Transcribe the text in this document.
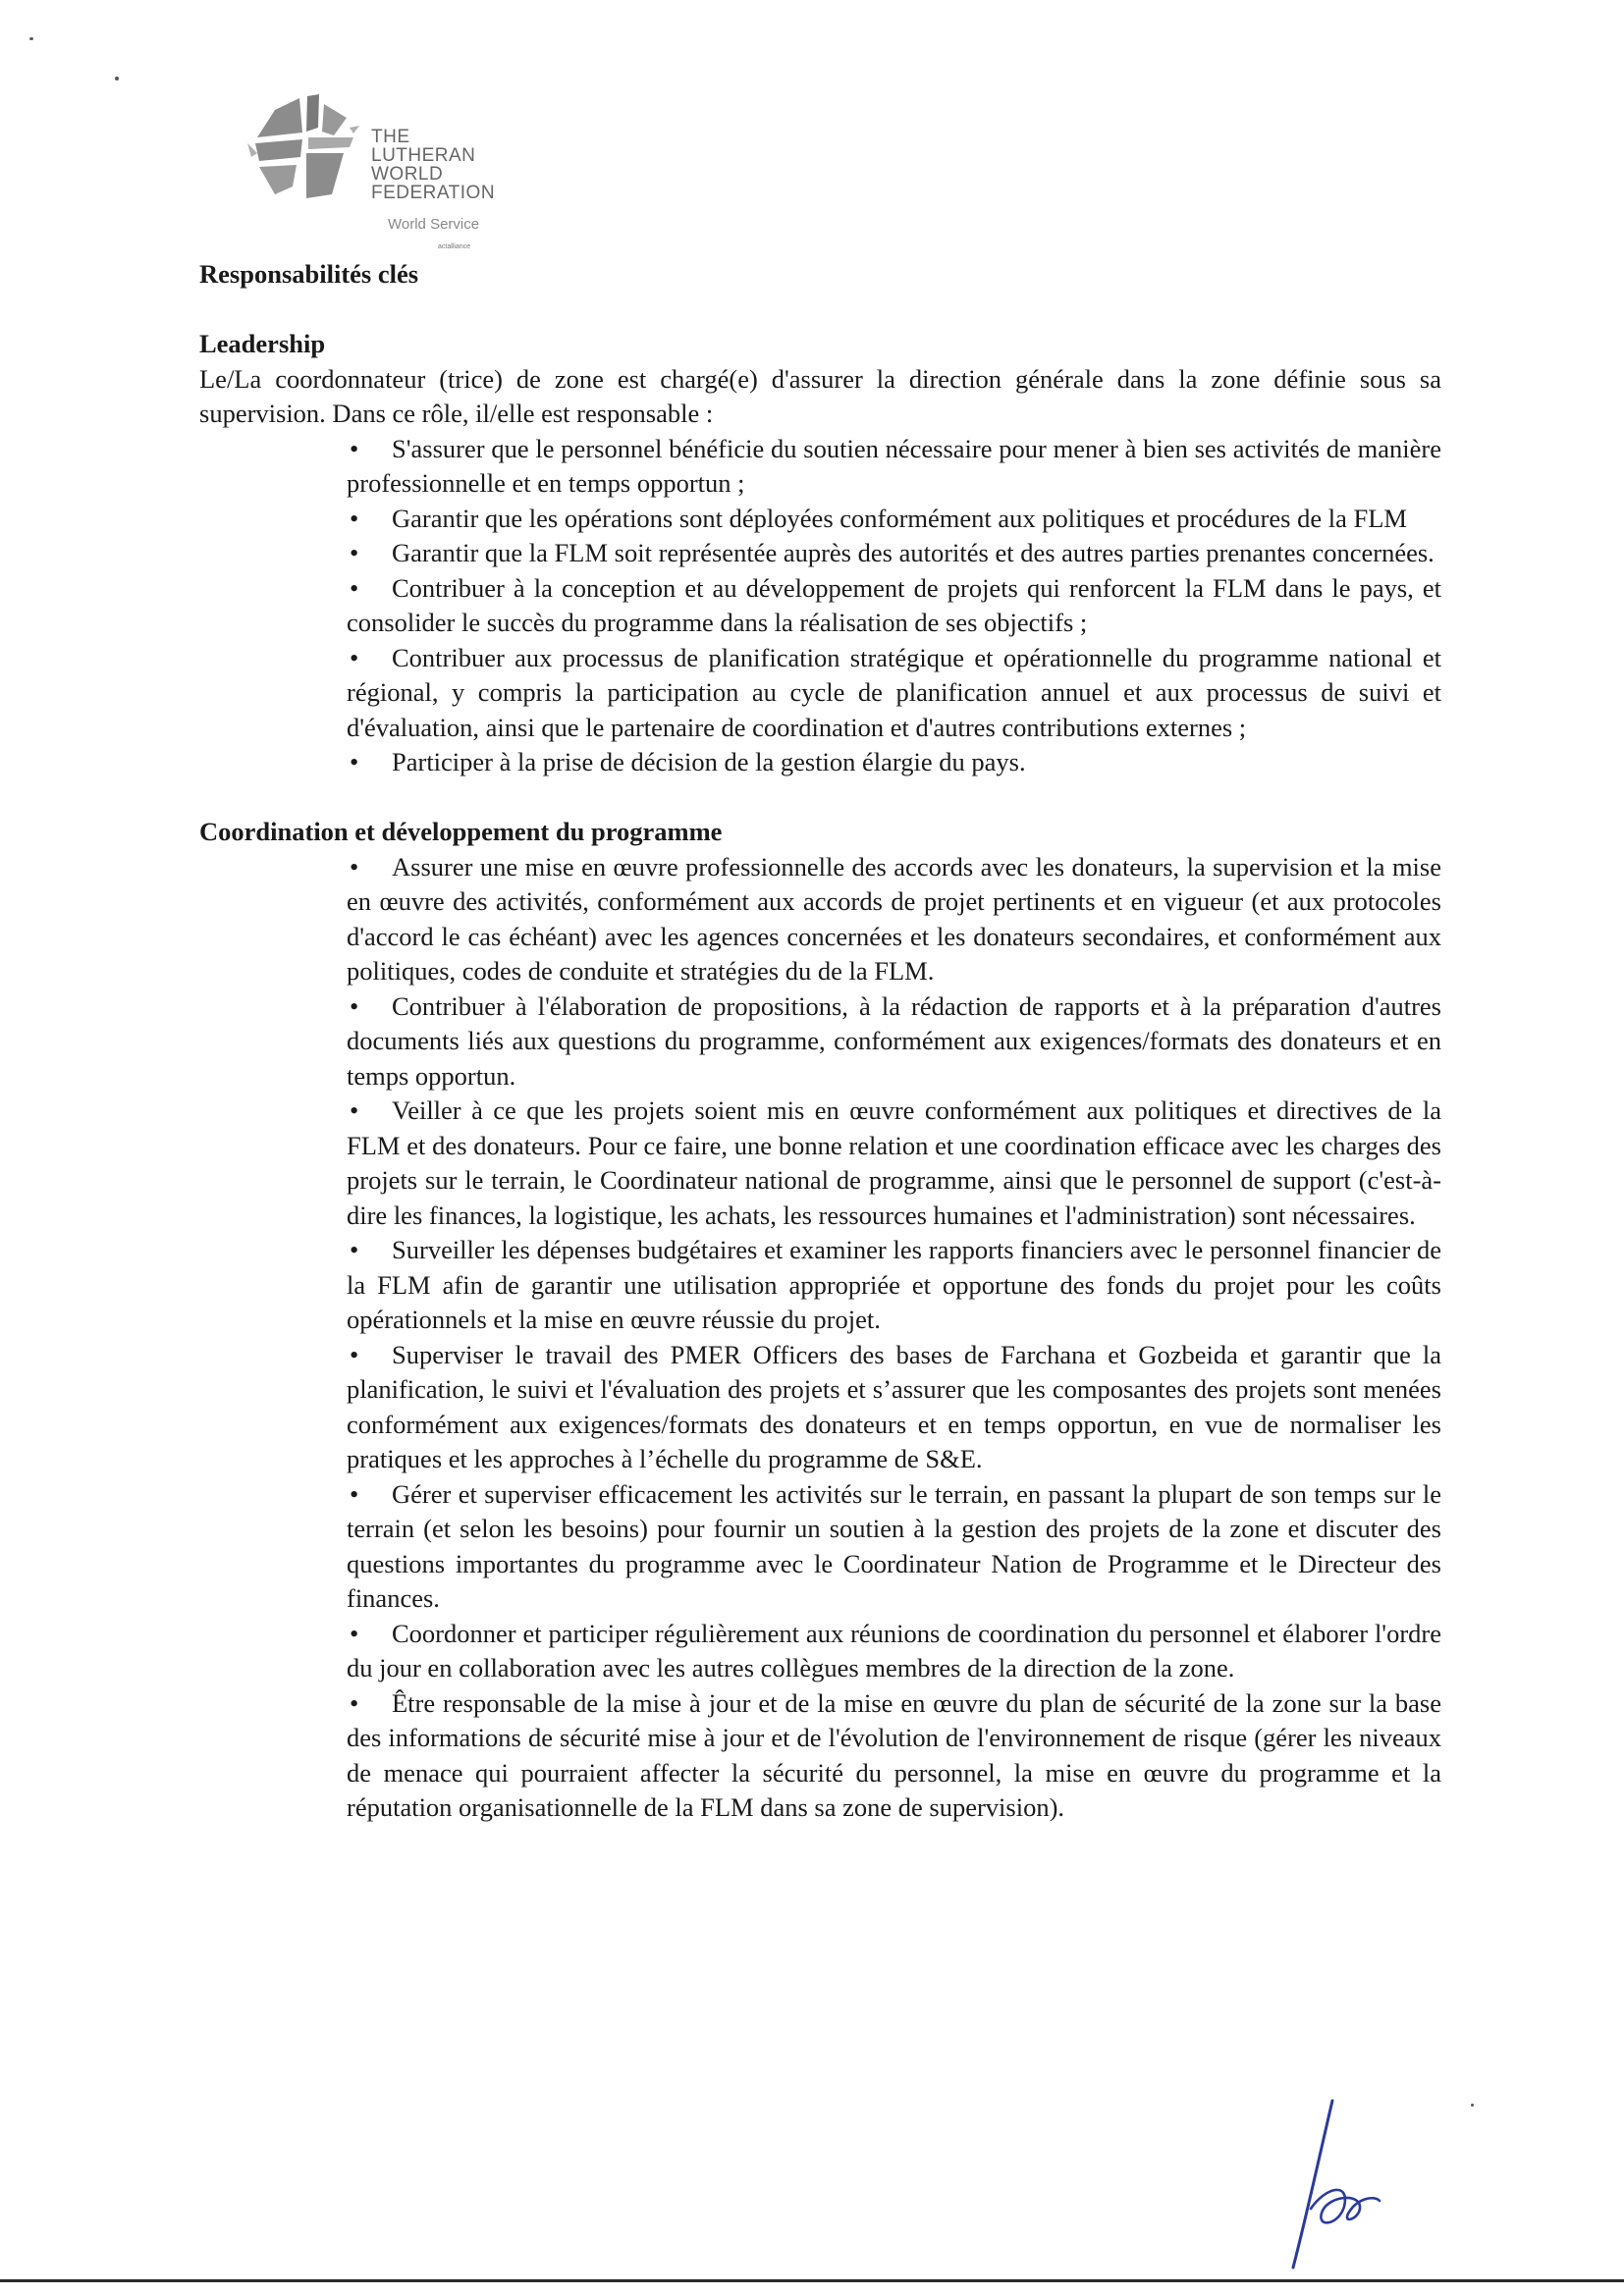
THE
LUTHERAN
WORLD
FEDERATION
World Service
actalliance
Responsabilités clés
Leadership

Le/La coordonnateur (trice) de zone est chargé(e) d'assurer la direction générale dans la zone définie sous sa supervision. Dans ce rôle, il/elle est responsable :

•S'assurer que le personnel bénéficie du soutien nécessaire pour mener à bien ses activités de manière professionnelle et en temps opportun ;
•Garantir que les opérations sont déployées conformément aux politiques et procédures de la FLM
•Garantir que la FLM soit représentée auprès des autorités et des autres parties prenantes concernées.
•Contribuer à la conception et au développement de projets qui renforcent la FLM dans le pays, et consolider le succès du programme dans la réalisation de ses objectifs ;
•Contribuer aux processus de planification stratégique et opérationnelle du programme national et régional, y compris la participation au cycle de planification annuel et aux processus de suivi et d'évaluation, ainsi que le partenaire de coordination et d'autres contributions externes ;
•Participer à la prise de décision de la gestion élargie du pays.
Coordination et développement du programme
•Assurer une mise en œuvre professionnelle des accords avec les donateurs, la supervision et la mise en œuvre des activités, conformément aux accords de projet pertinents et en vigueur (et aux protocoles d'accord le cas échéant) avec les agences concernées et les donateurs secondaires, et conformément aux politiques, codes de conduite et stratégies du de la FLM.
•Contribuer à l'élaboration de propositions, à la rédaction de rapports et à la préparation d'autres documents liés aux questions du programme, conformément aux exigences/formats des donateurs et en temps opportun.
•Veiller à ce que les projets soient mis en œuvre conformément aux politiques et directives de la FLM et des donateurs. Pour ce faire, une bonne relation et une coordination efficace avec les charges des projets sur le terrain, le Coordinateur national de programme, ainsi que le personnel de support (c'est-à-dire les finances, la logistique, les achats, les ressources humaines et l'administration) sont nécessaires.
•Surveiller les dépenses budgétaires et examiner les rapports financiers avec le personnel financier de la FLM afin de garantir une utilisation appropriée et opportune des fonds du projet pour les coûts opérationnels et la mise en œuvre réussie du projet.
•Superviser le travail des PMER Officers des bases de Farchana et Gozbeida et garantir que la planification, le suivi et l'évaluation des projets et s’assurer que les composantes des projets sont menées conformément aux exigences/formats des donateurs et en temps opportun, en vue de normaliser les pratiques et les approches à l’échelle du programme de S&E.
•Gérer et superviser efficacement les activités sur le terrain, en passant la plupart de son temps sur le terrain (et selon les besoins) pour fournir un soutien à la gestion des projets de la zone et discuter des questions importantes du programme avec le Coordinateur Nation de Programme et le Directeur des finances.
•Coordonner et participer régulièrement aux réunions de coordination du personnel et élaborer l'ordre du jour en collaboration avec les autres collègues membres de la direction de la zone.
•Être responsable de la mise à jour et de la mise en œuvre du plan de sécurité de la zone sur la base des informations de sécurité mise à jour et de l'évolution de l'environnement de risque (gérer les niveaux de menace qui pourraient affecter la sécurité du personnel, la mise en œuvre du programme et la réputation organisationnelle de la FLM dans sa zone de supervision).
